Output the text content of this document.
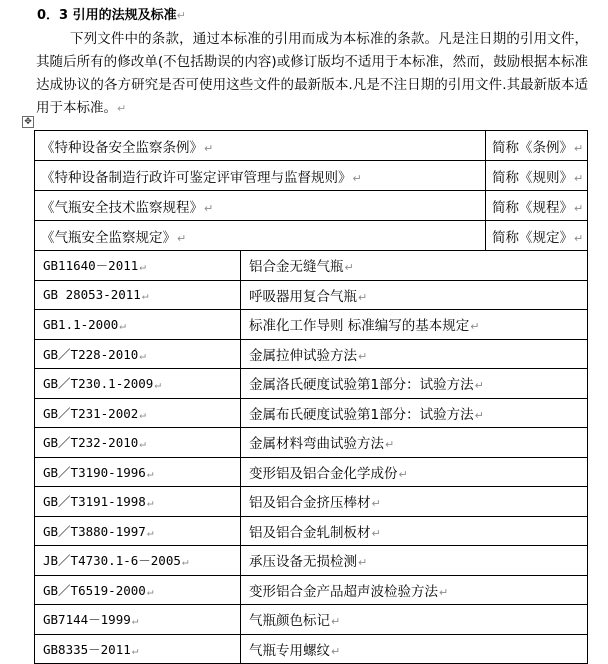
0．3 引用的法规及标准↵
下列文件中的条款，通过本标准的引用而成为本标准的条款。凡是注日期的引用文件，其随后所有的修改单(不包括勘误的内容)或修订版均不适用于本标准，然而，鼓励根据本标准达成协议的各方研究是否可使用这些文件的最新版本.凡是不注日期的引用文件.其最新版本适用于本标准。↵
✥
《特种设备安全监察条例》↵		简称《条例》↵
《特种设备制造行政许可鉴定评审管理与监督规则》↵		简称《规则》↵
《气瓶安全技术监察规程》↵		简称《规程》↵
《气瓶安全监察规定》↵		简称《规定》↵
GB11640－2011↵	铝合金无缝气瓶↵	
GB 28053-2011↵	呼吸器用复合气瓶↵	
GB1.1-2000↵	标准化工作导则 标准编写的基本规定↵	
GB／T228-2010↵	金属拉伸试验方法↵	
GB／T230.1-2009↵	金属洛氏硬度试验第1部分：试验方法↵	
GB／T231-2002↵	金属布氏硬度试验第1部分：试验方法↵	
GB／T232-2010↵	金属材料弯曲试验方法↵	
GB／T3190-1996↵	变形铝及铝合金化学成份↵	
GB／T3191-1998↵	铝及铝合金挤压棒材↵	
GB／T3880-1997↵	铝及铝合金轧制板材↵	
JB／T4730.1-6－2005↵	承压设备无损检测↵	
GB／T6519-2000↵	变形铝合金产品超声波检验方法↵	
GB7144－1999↵	气瓶颜色标记↵	
GB8335－2011↵	气瓶专用螺纹↵	
